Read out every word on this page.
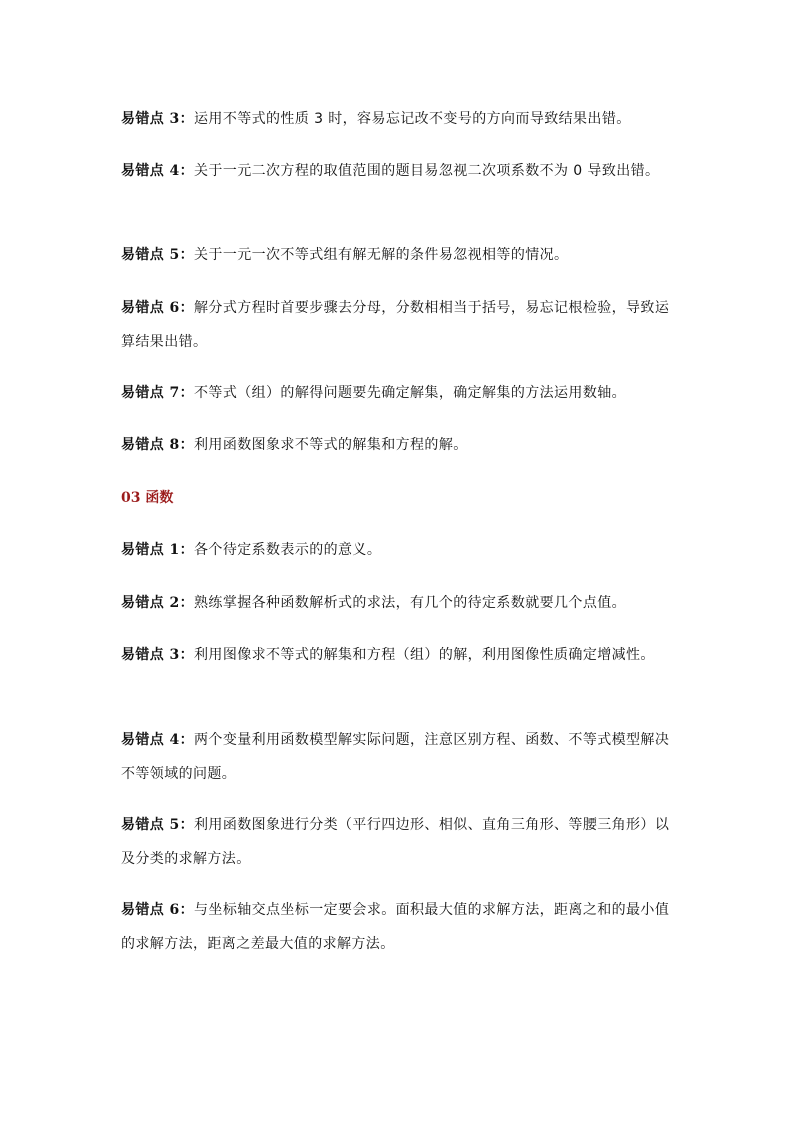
易错点 3：运用不等式的性质 3 时，容易忘记改不变号的方向而导致结果出错。

易错点 4：关于一元二次方程的取值范围的题目易忽视二次项系数不为 0 导致出错。

易错点 5：关于一元一次不等式组有解无解的条件易忽视相等的情况。

易错点 6：解分式方程时首要步骤去分母，分数相相当于括号，易忘记根检验，导致运算结果出错。

易错点 7：不等式（组）的解得问题要先确定解集，确定解集的方法运用数轴。

易错点 8：利用函数图象求不等式的解集和方程的解。

03 函数

易错点 1：各个待定系数表示的的意义。

易错点 2：熟练掌握各种函数解析式的求法，有几个的待定系数就要几个点值。

易错点 3：利用图像求不等式的解集和方程（组）的解，利用图像性质确定增减性。

易错点 4：两个变量利用函数模型解实际问题，注意区别方程、函数、不等式模型解决不等领域的问题。

易错点 5：利用函数图象进行分类（平行四边形、相似、直角三角形、等腰三角形）以及分类的求解方法。

易错点 6：与坐标轴交点坐标一定要会求。面积最大值的求解方法，距离之和的最小值的求解方法，距离之差最大值的求解方法。
